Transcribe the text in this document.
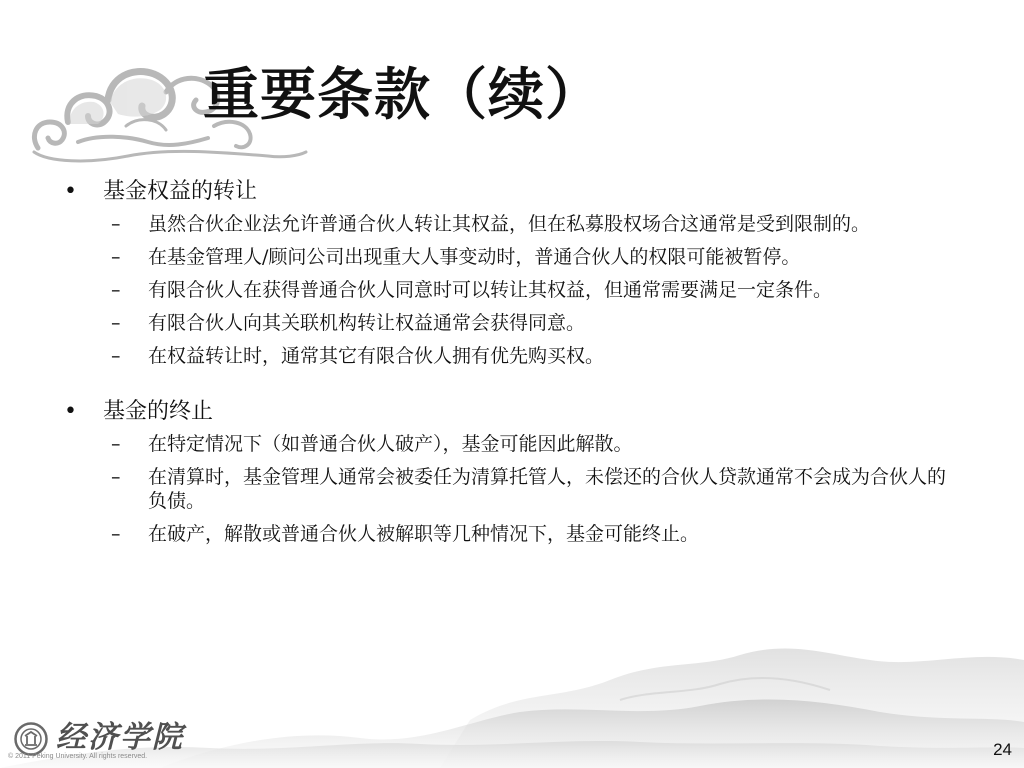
重要条款（续）
• 基金权益的转让
–	虽然合伙企业法允许普通合伙人转让其权益，但在私募股权场合这通常是受到限制的。
–	在基金管理人/顾问公司出现重大人事变动时，普通合伙人的权限可能被暂停。
–	有限合伙人在获得普通合伙人同意时可以转让其权益，但通常需要满足一定条件。
–	有限合伙人向其关联机构转让权益通常会获得同意。
–	在权益转让时，通常其它有限合伙人拥有优先购买权。
• 基金的终止
–	在特定情况下（如普通合伙人破产），基金可能因此解散。
–	在清算时，基金管理人通常会被委任为清算托管人，未偿还的合伙人贷款通常不会成为合伙人的负债。
–	在破产，解散或普通合伙人被解职等几种情况下，基金可能终止。
经济学院
© 2011 Peking University. All rights reserved.	24
